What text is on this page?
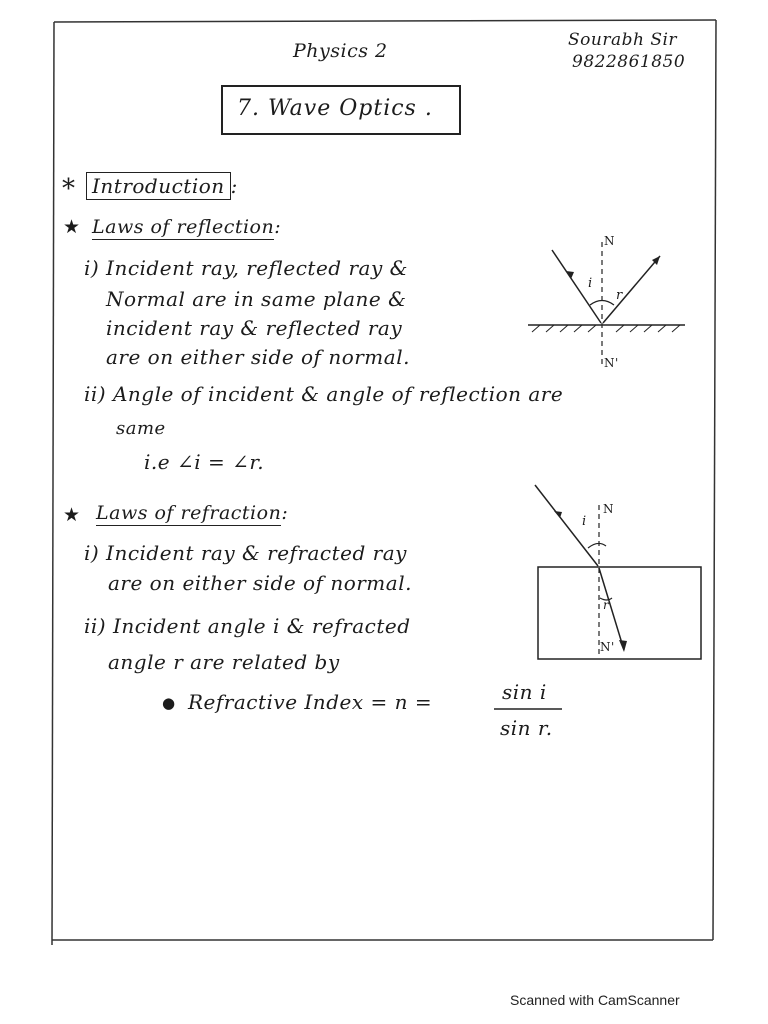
Physics 2	Sourabh Sir
9822861850
7. Wave Optics .
* Introduction :
★ Laws of reflection:
i) Incident ray, reflected ray &
Normal are in same plane &
incident ray & reflected ray
are on either side of normal.
ii) Angle of incident & angle of reflection are
same
i.e ∠i = ∠r.
N
N'
i
r
★ Laws of refraction:
i) Incident ray & refracted ray
are on either side of normal.
ii) Incident angle i & refracted
angle r are related by
● Refractive Index = n =	sin i
sin r.
N
N'
i
r
Scanned with CamScanner
